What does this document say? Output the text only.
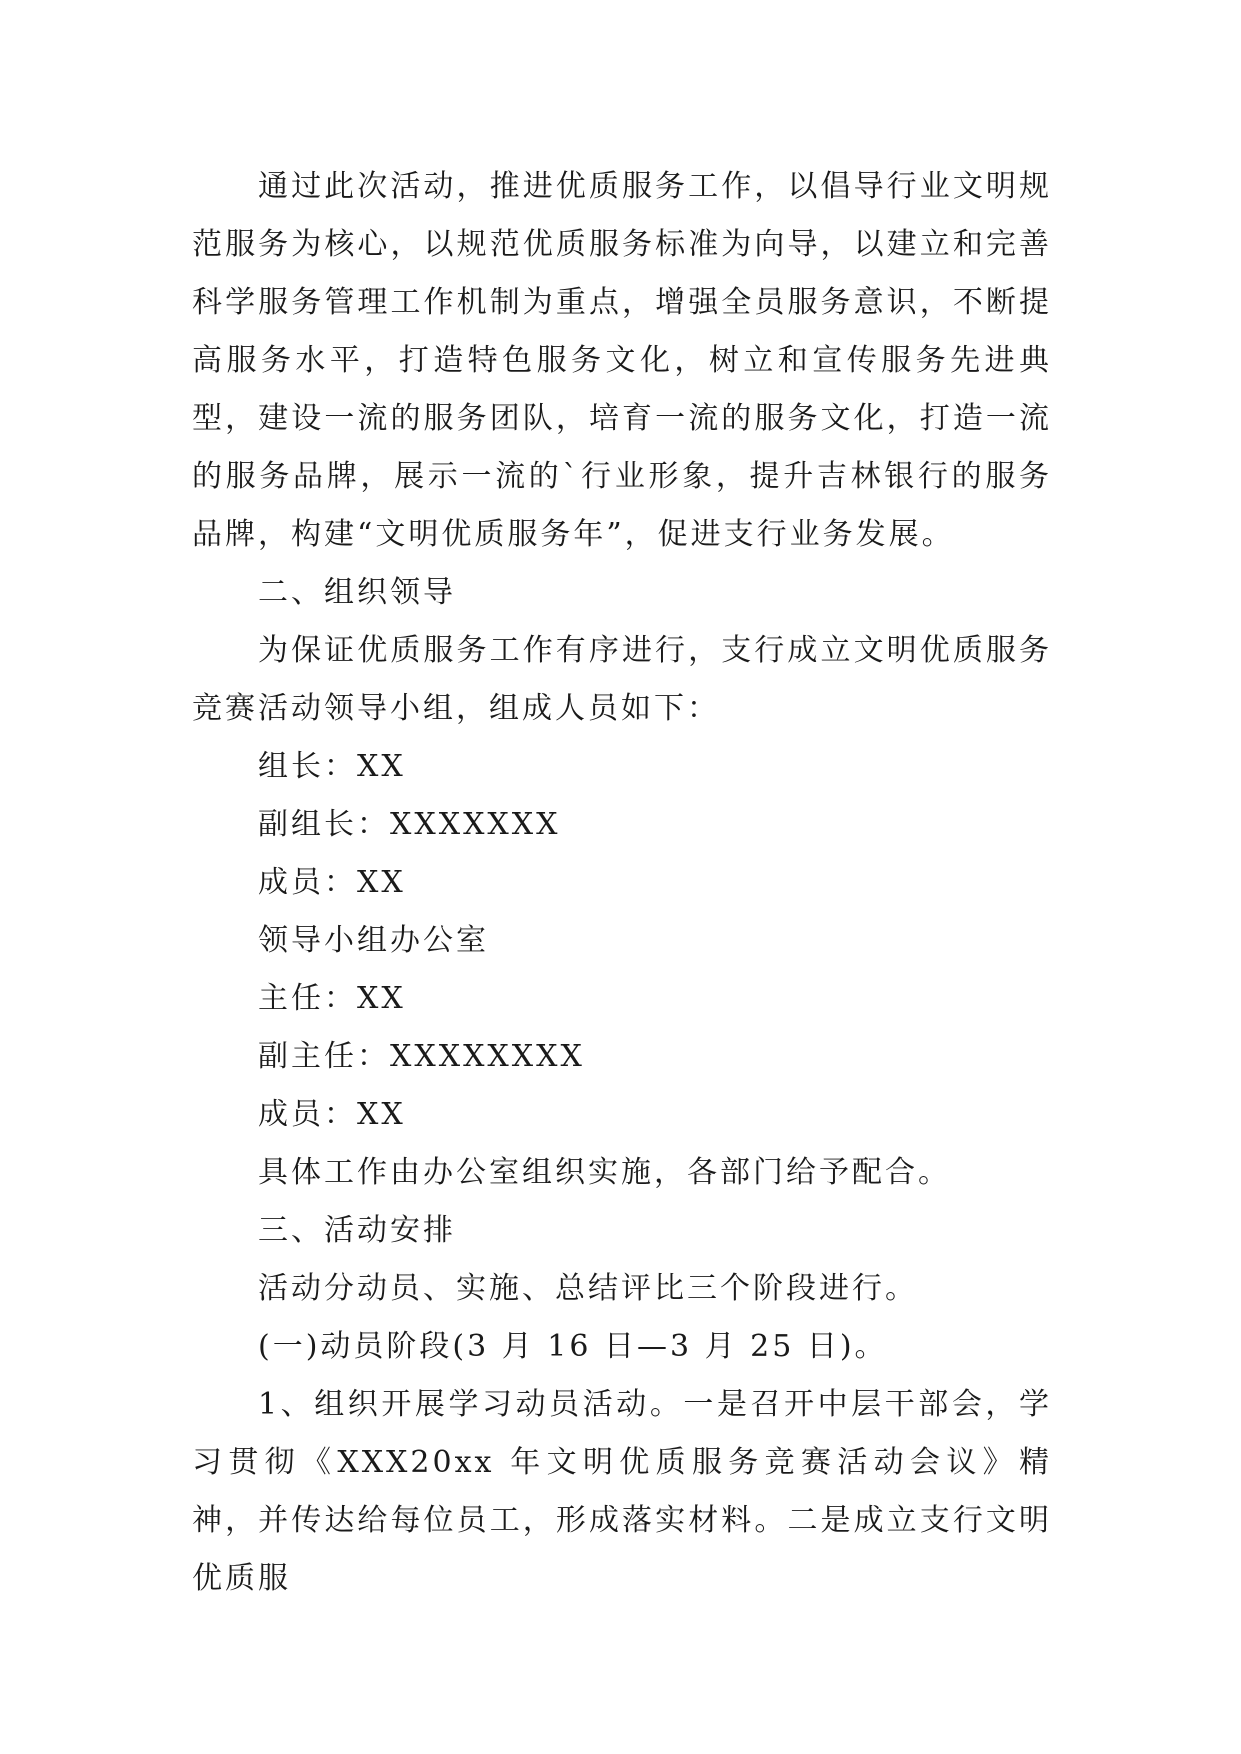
通过此次活动，推进优质服务工作，以倡导行业文明规范服务为核心，以规范优质服务标准为向导，以建立和完善科学服务管理工作机制为重点，增强全员服务意识，不断提高服务水平，打造特色服务文化，树立和宣传服务先进典型，建设一流的服务团队，培育一流的服务文化，打造一流的服务品牌，展示一流的`行业形象，提升吉林银行的服务品牌，构建“文明优质服务年”，促进支行业务发展。

二、组织领导

为保证优质服务工作有序进行，支行成立文明优质服务竞赛活动领导小组，组成人员如下：

组长：XX

副组长：XXXXXXX

成员：XX

领导小组办公室

主任：XX

副主任：XXXXXXXX

成员：XX

具体工作由办公室组织实施，各部门给予配合。

三、活动安排

活动分动员、实施、总结评比三个阶段进行。

(一)动员阶段(3 月 16 日—3 月 25 日)。

1、组织开展学习动员活动。一是召开中层干部会，学习贯彻《XXX20xx 年文明优质服务竞赛活动会议》精神，并传达给每位员工，形成落实材料。二是成立支行文明优质服
